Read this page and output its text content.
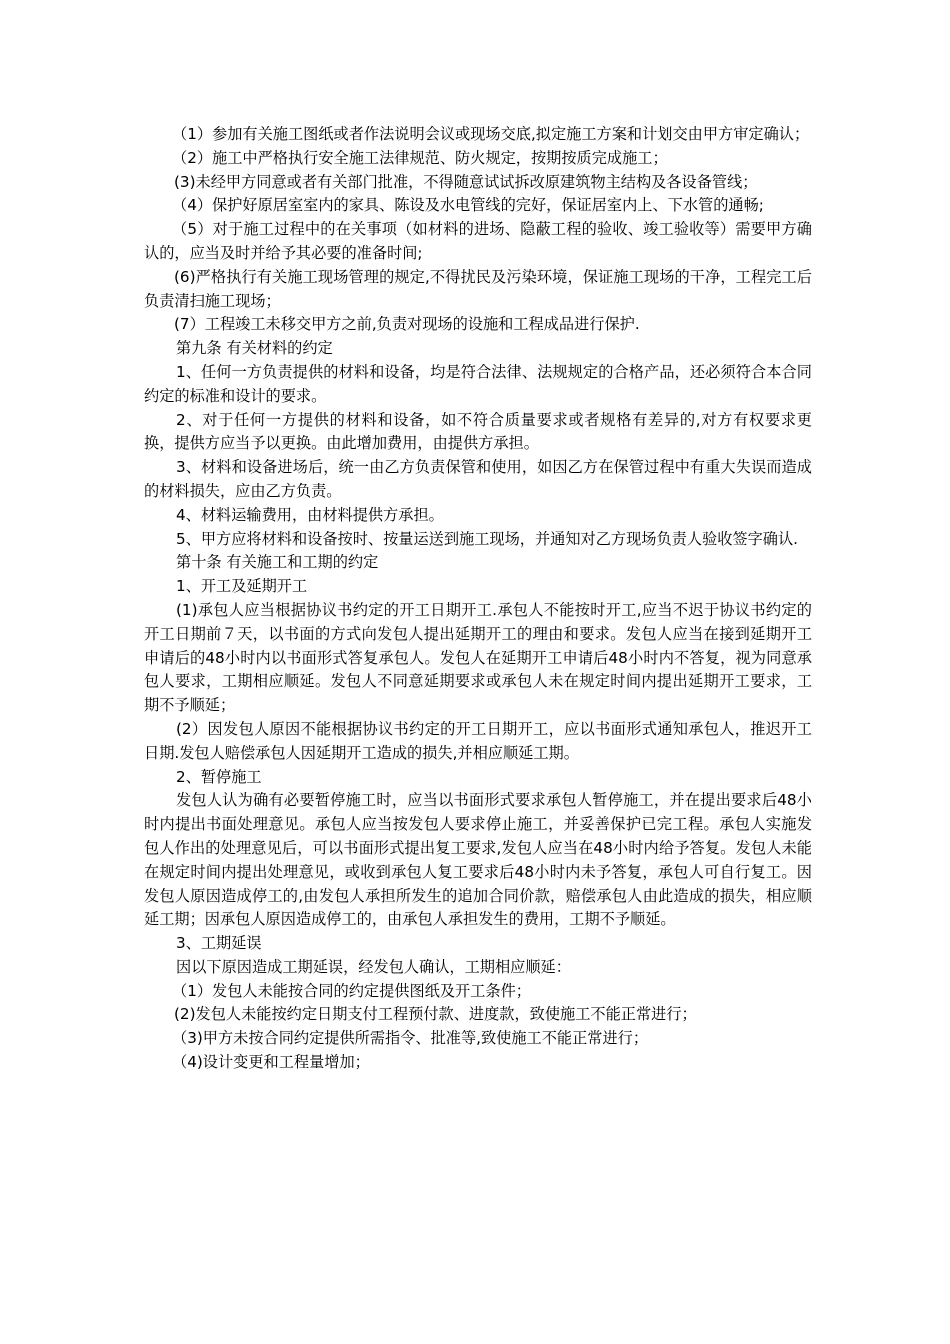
（1）参加有关施工图纸或者作法说明会议或现场交底,拟定施工方案和计划交由甲方审定确认；

（2）施工中严格执行安全施工法律规范、防火规定，按期按质完成施工；

(3)未经甲方同意或者有关部门批准，不得随意试试拆改原建筑物主结构及各设备管线；

（4）保护好原居室室内的家具、陈设及水电管线的完好，保证居室内上、下水管的通畅;

（5）对于施工过程中的在关事项（如材料的进场、隐蔽工程的验收、竣工验收等）需要甲方确认的，应当及时并给予其必要的准备时间;

(6)严格执行有关施工现场管理的规定,不得扰民及污染环境，保证施工现场的干净，工程完工后负责清扫施工现场；

(7）工程竣工未移交甲方之前,负责对现场的设施和工程成品进行保护.

第九条 有关材料的约定

1、任何一方负责提供的材料和设备，均是符合法律、法规规定的合格产品，还必须符合本合同约定的标准和设计的要求。

2、对于任何一方提供的材料和设备，如不符合质量要求或者规格有差异的,对方有权要求更换，提供方应当予以更换。由此增加费用，由提供方承担。

3、材料和设备进场后，统一由乙方负责保管和使用，如因乙方在保管过程中有重大失误而造成的材料损失，应由乙方负责。

4、材料运输费用，由材料提供方承担。

5、甲方应将材料和设备按时、按量运送到施工现场，并通知对乙方现场负责人验收签字确认.

第十条 有关施工和工期的约定

1、开工及延期开工

(1)承包人应当根据协议书约定的开工日期开工.承包人不能按时开工,应当不迟于协议书约定的开工日期前７天，以书面的方式向发包人提出延期开工的理由和要求。发包人应当在接到延期开工申请后的48小时内以书面形式答复承包人。发包人在延期开工申请后48小时内不答复，视为同意承包人要求，工期相应顺延。发包人不同意延期要求或承包人未在规定时间内提出延期开工要求，工期不予顺延；

(2）因发包人原因不能根据协议书约定的开工日期开工，应以书面形式通知承包人，推迟开工日期.发包人赔偿承包人因延期开工造成的损失,并相应顺延工期。

2、暂停施工

发包人认为确有必要暂停施工时，应当以书面形式要求承包人暂停施工，并在提出要求后48小时内提出书面处理意见。承包人应当按发包人要求停止施工，并妥善保护已完工程。承包人实施发包人作出的处理意见后，可以书面形式提出复工要求,发包人应当在48小时内给予答复。发包人未能在规定时间内提出处理意见，或收到承包人复工要求后48小时内未予答复，承包人可自行复工。因发包人原因造成停工的,由发包人承担所发生的追加合同价款，赔偿承包人由此造成的损失，相应顺延工期；因承包人原因造成停工的，由承包人承担发生的费用，工期不予顺延。

3、工期延误

因以下原因造成工期延误，经发包人确认，工期相应顺延：

（1）发包人未能按合同的约定提供图纸及开工条件；

(2)发包人未能按约定日期支付工程预付款、进度款，致使施工不能正常进行；

（3)甲方未按合同约定提供所需指令、批准等,致使施工不能正常进行；

（4)设计变更和工程量增加；
